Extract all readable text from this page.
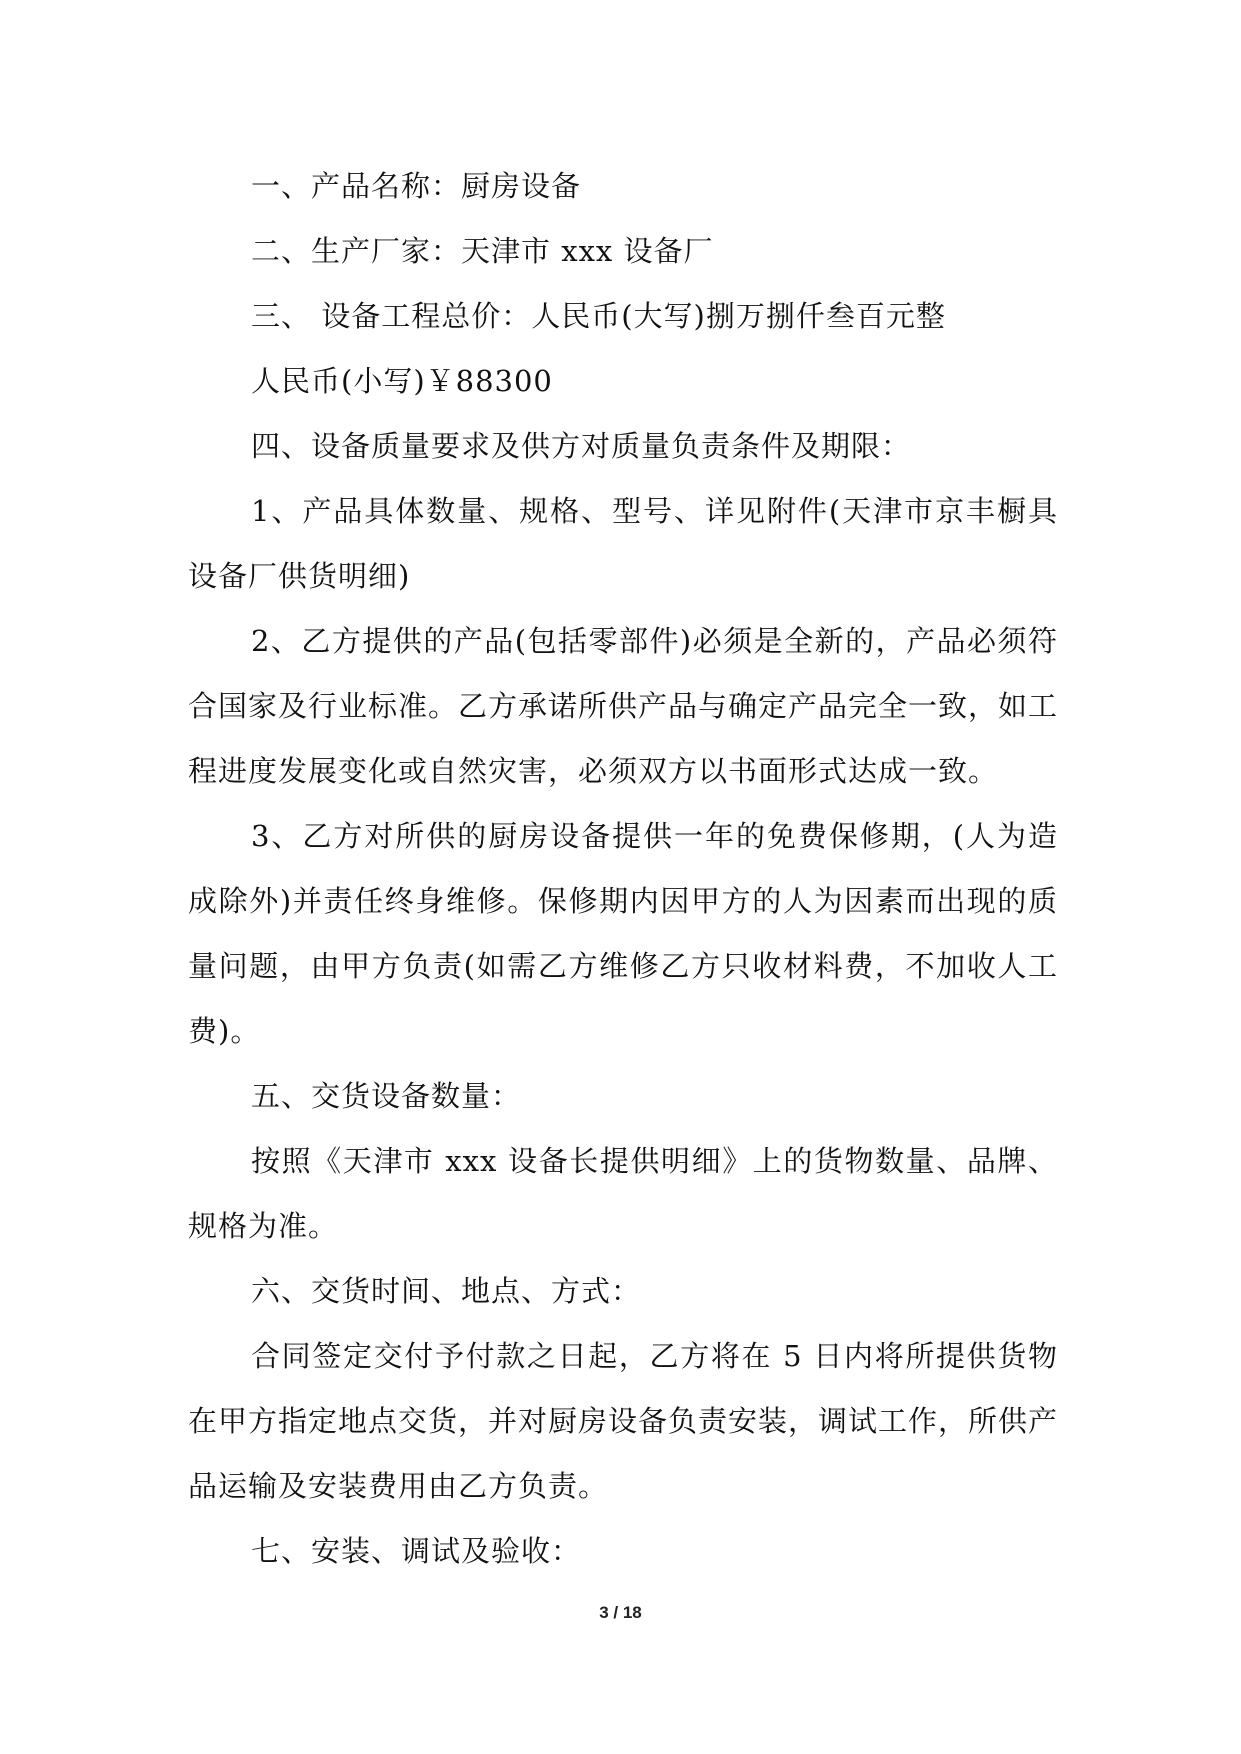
一、产品名称：厨房设备

二、生产厂家：天津市 xxx 设备厂

三、 设备工程总价：人民币(大写)捌万捌仟叁百元整

人民币(小写)￥88300

四、设备质量要求及供方对质量负责条件及期限：

1、产品具体数量、规格、型号、详见附件(天津市京丰橱具设备厂供货明细)

2、乙方提供的产品(包括零部件)必须是全新的，产品必须符合国家及行业标准。乙方承诺所供产品与确定产品完全一致，如工程进度发展变化或自然灾害，必须双方以书面形式达成一致。

3、乙方对所供的厨房设备提供一年的免费保修期，(人为造成除外)并责任终身维修。保修期内因甲方的人为因素而出现的质量问题，由甲方负责(如需乙方维修乙方只收材料费，不加收人工费)。

五、交货设备数量：

按照《天津市 xxx 设备长提供明细》上的货物数量、品牌、规格为准。

六、交货时间、地点、方式：

合同签定交付予付款之日起，乙方将在 5 日内将所提供货物在甲方指定地点交货，并对厨房设备负责安装，调试工作，所供产品运输及安装费用由乙方负责。

七、安装、调试及验收：

3 / 18
